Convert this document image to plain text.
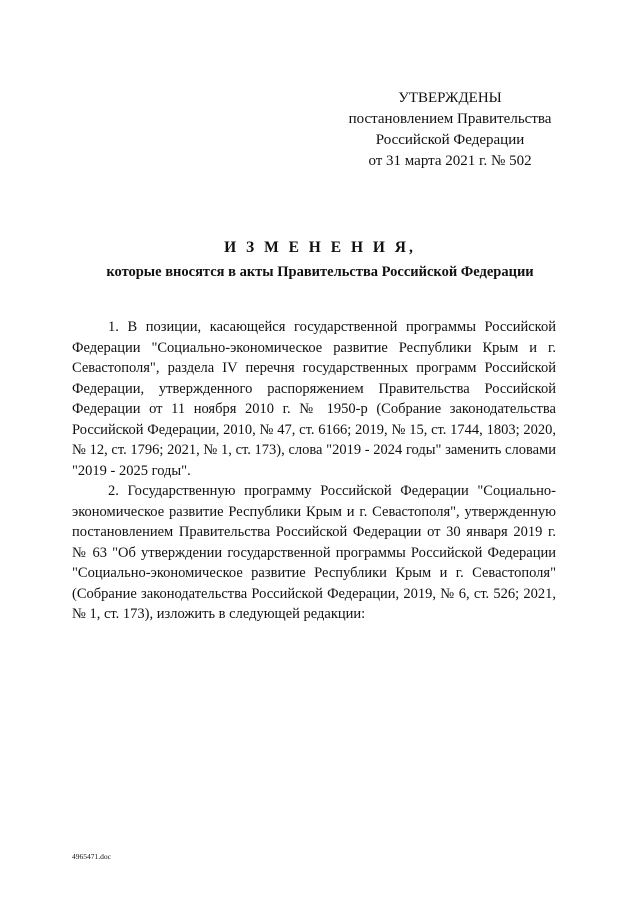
УТВЕРЖДЕНЫ
постановлением Правительства
Российской Федерации
от 31 марта 2021 г. № 502
И З М Е Н Е Н И Я,
которые вносятся в акты Правительства Российской Федерации

1. В позиции, касающейся государственной программы Российской Федерации "Социально-экономическое развитие Республики Крым и г. Севастополя", раздела IV перечня государственных программ Российской Федерации, утвержденного распоряжением Правительства Российской Федерации от 11 ноября 2010 г. № 1950-р (Собрание законодательства Российской Федерации, 2010, № 47, ст. 6166; 2019, № 15, ст. 1744, 1803; 2020, № 12, ст. 1796; 2021, № 1, ст. 173), слова "2019 - 2024 годы" заменить словами "2019 - 2025 годы".

2. Государственную программу Российской Федерации "Социально-экономическое развитие Республики Крым и г. Севастополя", утвержденную постановлением Правительства Российской Федерации от 30 января 2019 г. № 63 "Об утверждении государственной программы Российской Федерации "Социально-экономическое развитие Республики Крым и г. Севастополя" (Собрание законодательства Российской Федерации, 2019, № 6, ст. 526; 2021, № 1, ст. 173), изложить в следующей редакции:

4965471.doc
